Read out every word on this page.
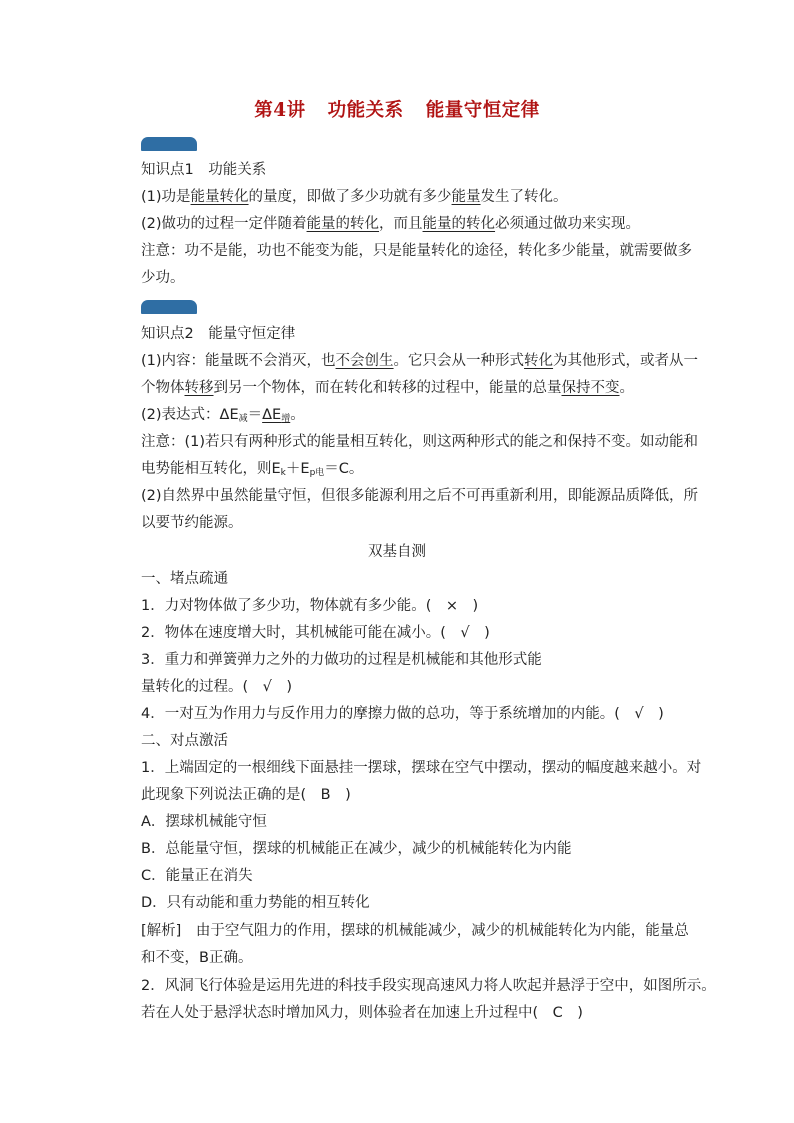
第4讲 功能关系 能量守恒定律
知识点1　功能关系
(1)功是能量转化的量度，即做了多少功就有多少能量发生了转化。
(2)做功的过程一定伴随着能量的转化，而且能量的转化必须通过做功来实现。
注意：功不是能，功也不能变为能，只是能量转化的途径，转化多少能量，就需要做多
少功。
知识点2　能量守恒定律
(1)内容：能量既不会消灭，也不会创生。它只会从一种形式转化为其他形式，或者从一
个物体转移到另一个物体，而在转化和转移的过程中，能量的总量保持不变。
(2)表达式：$\Delta E_减=\Delta E_增$。
注意：(1)若只有两种形式的能量相互转化，则这两种形式的能之和保持不变。如动能和
电势能相互转化，则$E_k+E_{p电}=C$。
(2)自然界中虽然能量守恒，但很多能源利用之后不可再重新利用，即能源品质降低，所
以要节约能源。
双基自测
一、堵点疏通
1．力对物体做了多少功，物体就有多少能。(　×　)
2．物体在速度增大时，其机械能可能在减小。(　√　)
3．重力和弹簧弹力之外的力做功的过程是机械能和其他形式能
量转化的过程。(　√　)
4．一对互为作用力与反作用力的摩擦力做的总功，等于系统增加的内能。(　√　)
二、对点激活
1．上端固定的一根细线下面悬挂一摆球，摆球在空气中摆动，摆动的幅度越来越小。对
此现象下列说法正确的是(　B　)
A．摆球机械能守恒
B．总能量守恒，摆球的机械能正在减少，减少的机械能转化为内能
C．能量正在消失
D．只有动能和重力势能的相互转化
[解析]　由于空气阻力的作用，摆球的机械能减少，减少的机械能转化为内能，能量总
和不变，B正确。
2．风洞飞行体验是运用先进的科技手段实现高速风力将人吹起并悬浮于空中，如图所示。
若在人处于悬浮状态时增加风力，则体验者在加速上升过程中(　C　)
